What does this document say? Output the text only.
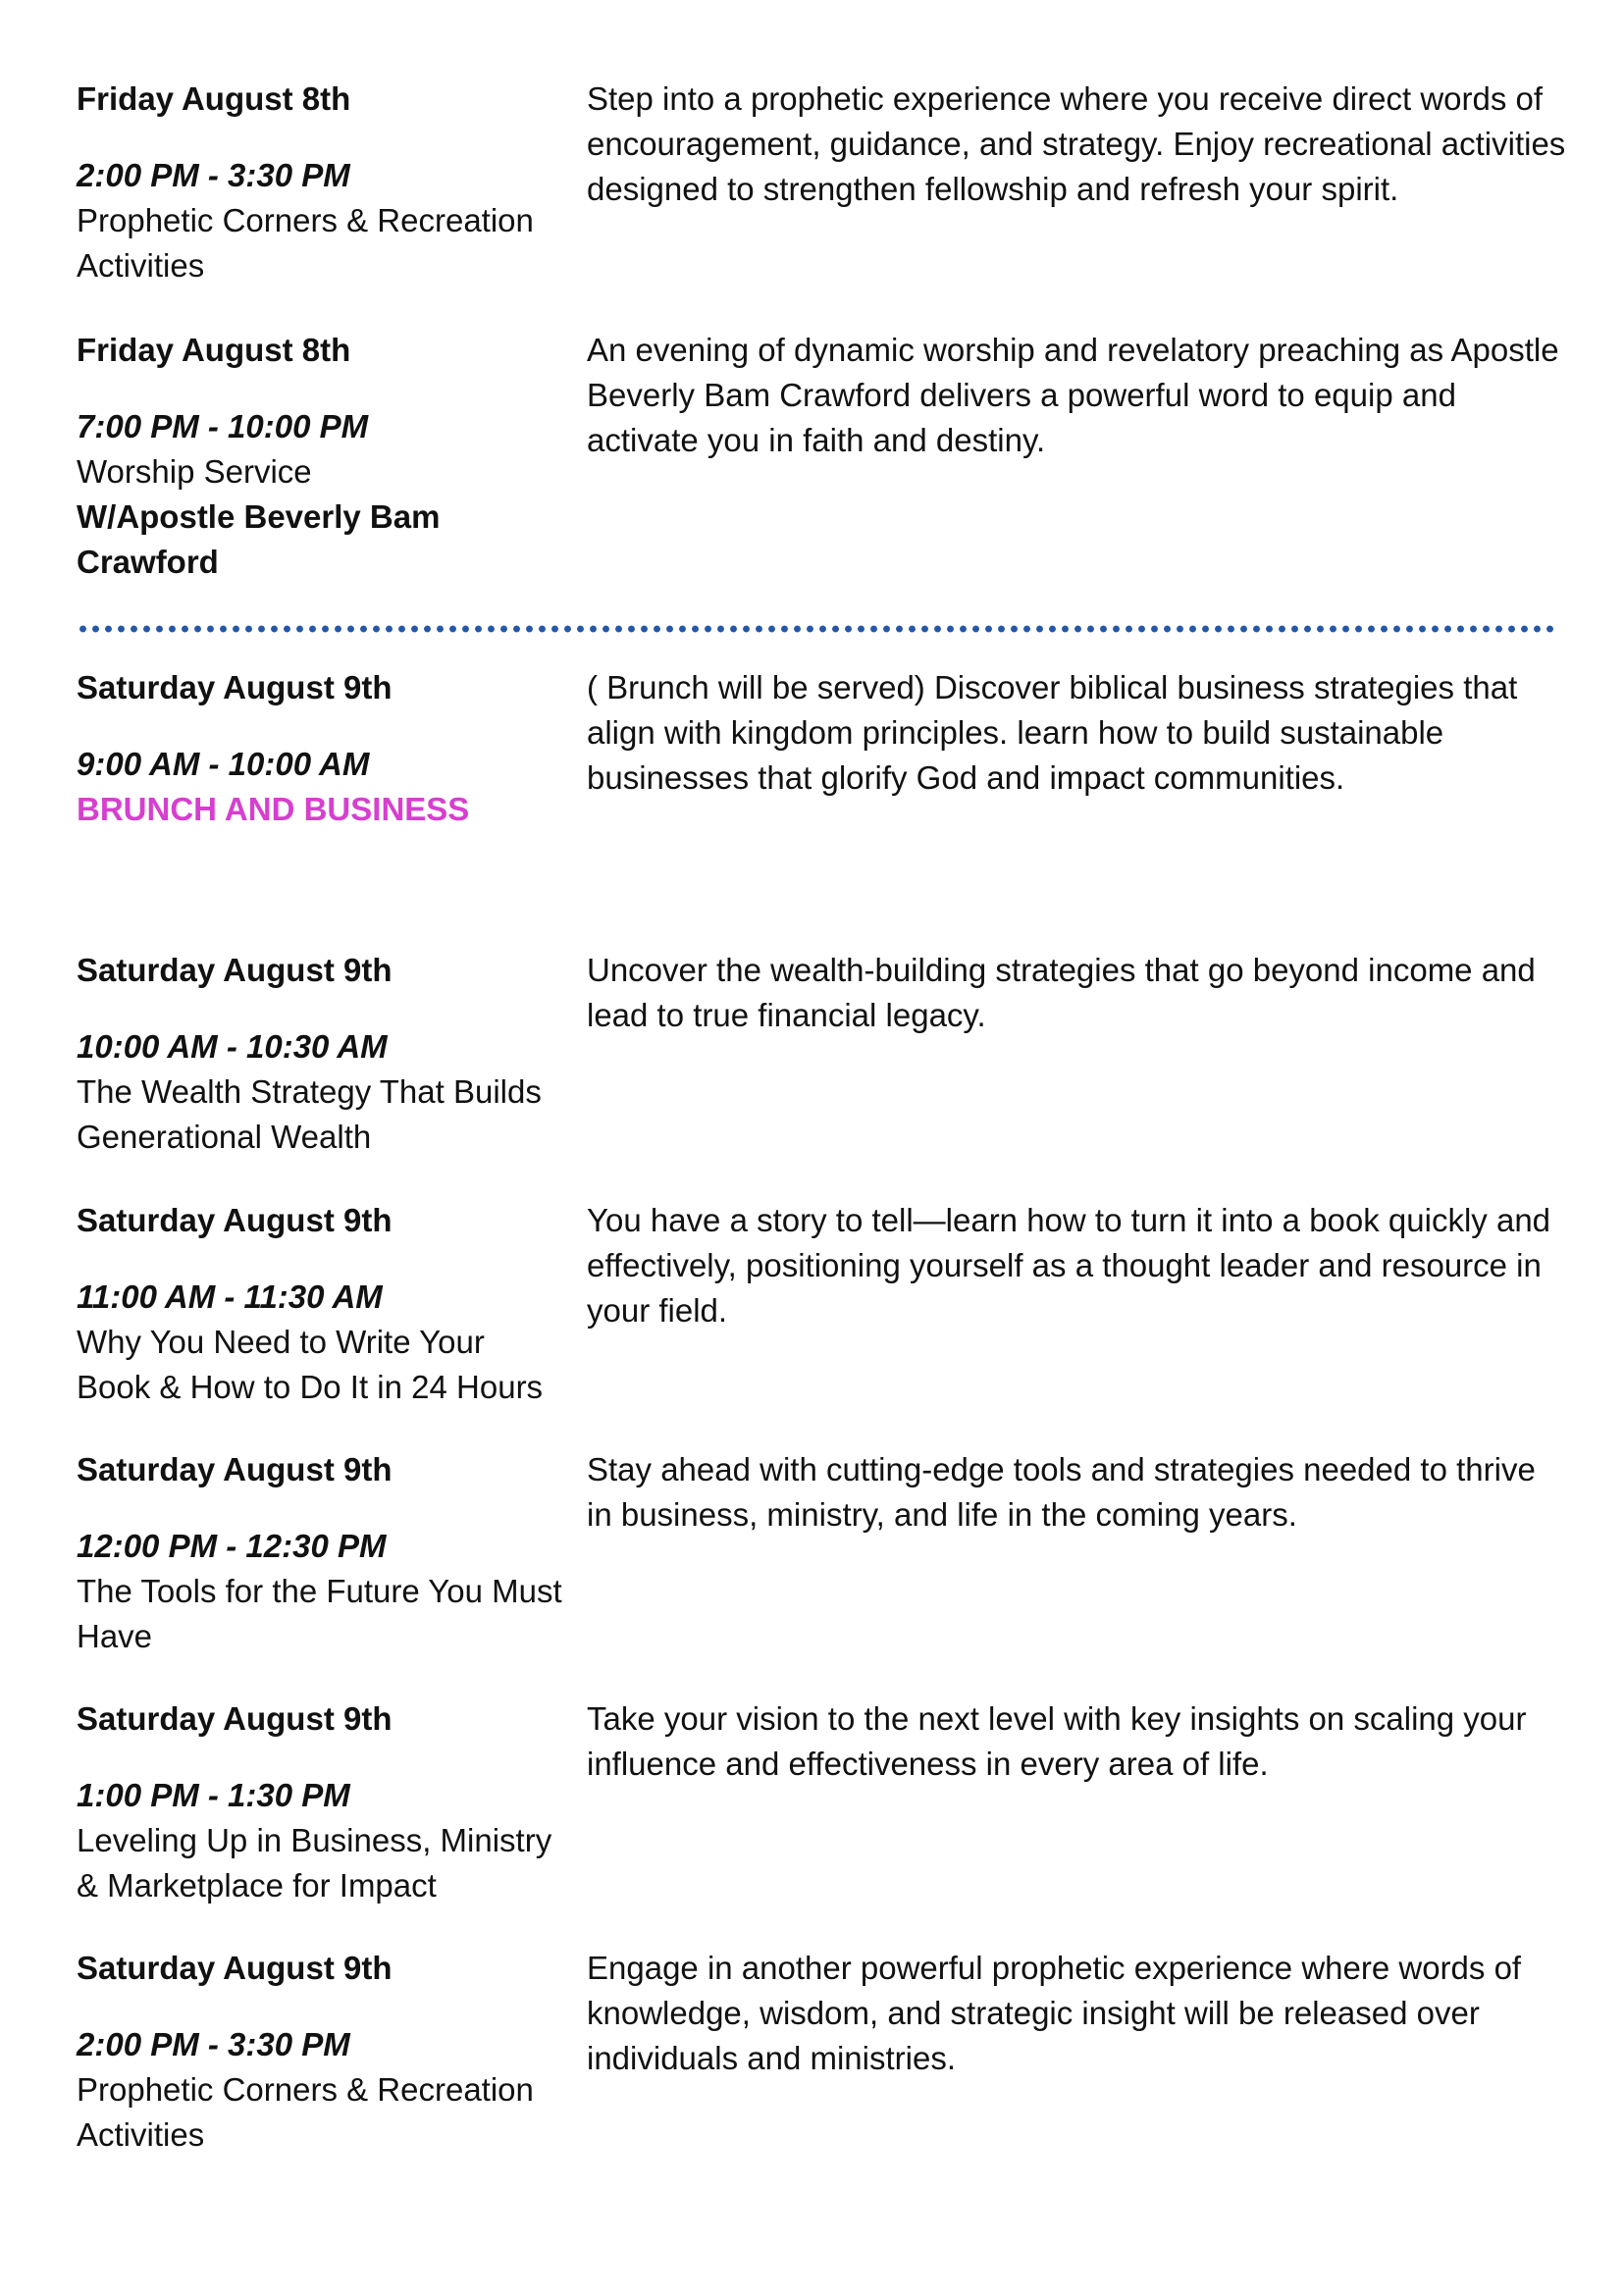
Friday August 8th
2:00 PM - 3:30 PM
Prophetic Corners & Recreation Activities

Step into a prophetic experience where you receive direct words of encouragement, guidance, and strategy. Enjoy recreational activities designed to strengthen fellowship and refresh your spirit.

Friday August 8th
7:00 PM - 10:00 PM
Worship Service
W/Apostle Beverly Bam Crawford

An evening of dynamic worship and revelatory preaching as Apostle Beverly Bam Crawford delivers a powerful word to equip and activate you in faith and destiny.

Saturday August 9th
9:00 AM - 10:00 AM
BRUNCH AND BUSINESS

( Brunch will be served) Discover biblical business strategies that align with kingdom principles. learn how to build sustainable businesses that glorify God and impact communities.

Saturday August 9th
10:00 AM - 10:30 AM
The Wealth Strategy That Builds Generational Wealth

Uncover the wealth-building strategies that go beyond income and lead to true financial legacy.

Saturday August 9th
11:00 AM - 11:30 AM
Why You Need to Write Your Book & How to Do It in 24 Hours

You have a story to tell—learn how to turn it into a book quickly and effectively, positioning yourself as a thought leader and resource in your field.

Saturday August 9th
12:00 PM - 12:30 PM
The Tools for the Future You Must Have

Stay ahead with cutting-edge tools and strategies needed to thrive in business, ministry, and life in the coming years.

Saturday August 9th
1:00 PM - 1:30 PM
Leveling Up in Business, Ministry & Marketplace for Impact

Take your vision to the next level with key insights on scaling your influence and effectiveness in every area of life.

Saturday August 9th
2:00 PM - 3:30 PM
Prophetic Corners & Recreation Activities

Engage in another powerful prophetic experience where words of knowledge, wisdom, and strategic insight will be released over individuals and ministries.
